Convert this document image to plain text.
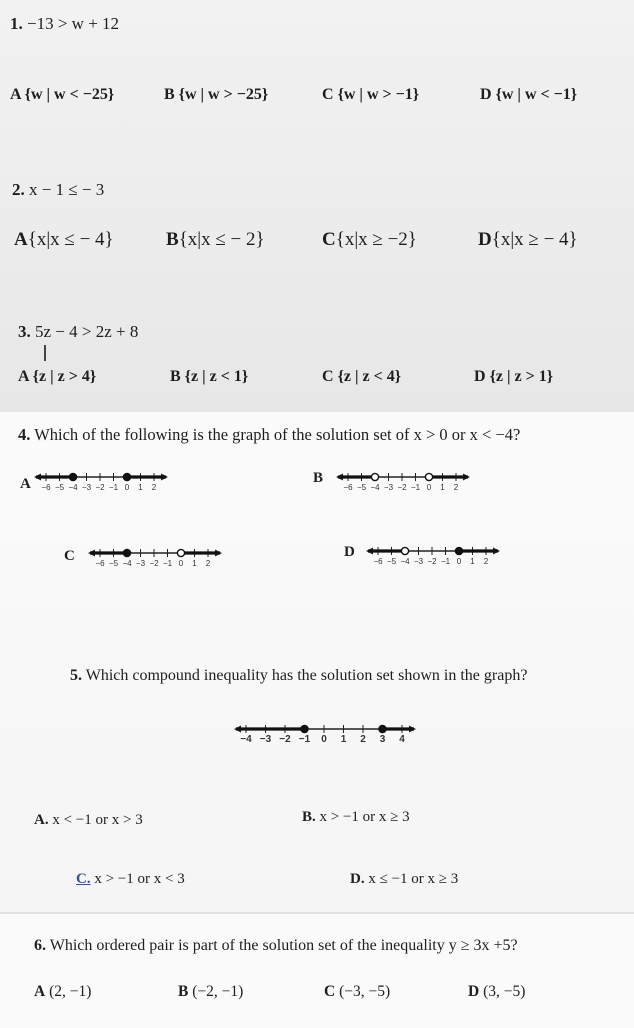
1. −13 > w + 12
A {w | w < −25}	B {w | w > −25}	C {w | w > −1}	D {w | w < −1}
2. x − 1 ≤ − 3
A{x|x ≤ − 4}	B{x|x ≤ − 2}	C{x|x ≥ −2}	D{x|x ≥ − 4}
3. 5z − 4 > 2z + 8
A {z | z > 4}	B {z | z < 1}	C {z | z < 4}	D {z | z > 1}
4. Which of the following is the graph of the solution set of x > 0 or x < −4?
A −6 −5 −4 −3 −2 −1 0 1 2
B
−6 −5 −4 −3 −2 −1 0 1 2
C	−6 −5 −4 −3 −2 −1 0 1 2
D
−6 −5 −4 −3 −2 −1 0 1 2
5. Which compound inequality has the solution set shown in the graph?
−4 −3 −2 −1 0 1 2 3 4
A. x < −1 or x > 3	B. x > −1 or x ≥ 3
C. x > −1 or x < 3	D. x ≤ −1 or x ≥ 3
6. Which ordered pair is part of the solution set of the inequality y ≥ 3x +5?
A (2, −1)	B (−2, −1)	C (−3, −5)	D (3, −5)
